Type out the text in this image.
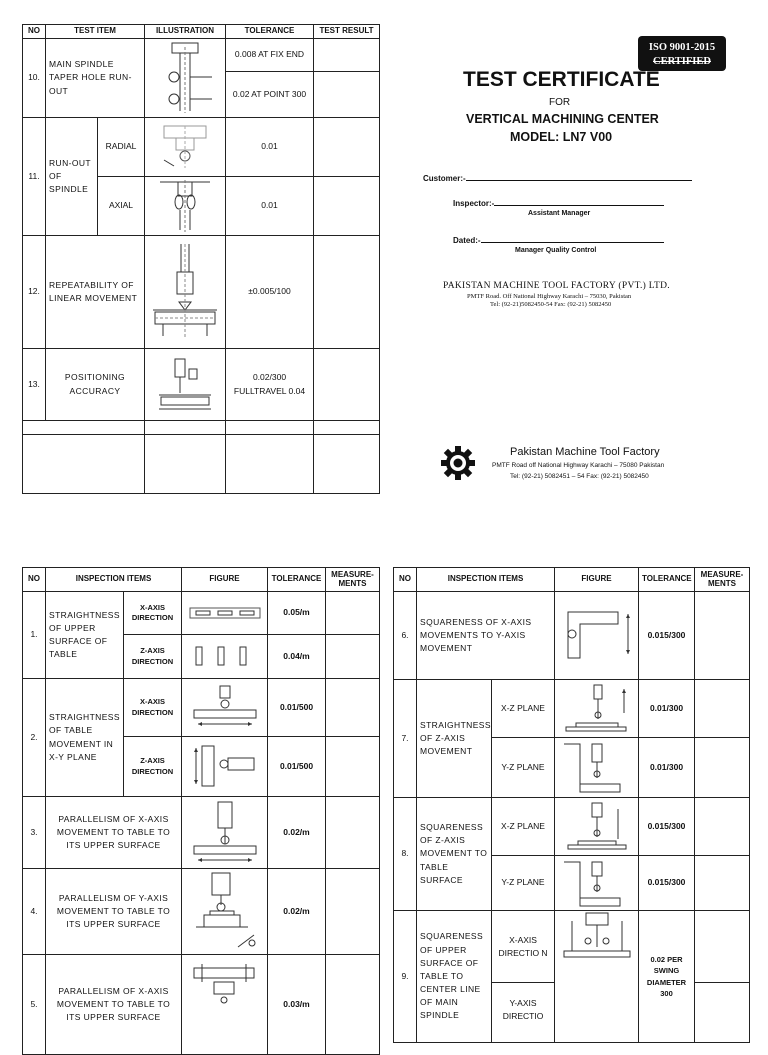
NO	TEST ITEM		ILLUSTRATION	TOLERANCE	TEST RESULT
10.	MAIN SPINDLE TAPER HOLE RUN-OUT			0.008 AT FIX END	
				0.02 AT POINT 300	
11.	RUN-OUT OF SPINDLE	RADIAL		0.01	
		AXIAL		0.01	
12.	REPEATABILITY OF LINEAR MOVEMENT			±0.005/100	
13.	POSITIONING ACCURACY			0.02/300 FULLTRAVEL 0.04	

ISO 9001-2015
CERTIFIED
TEST CERTIFICATE
FOR
VERTICAL MACHINING CENTER
MODEL: LN7 V00
Customer:-
Inspector:-
Assistant Manager
Dated:-
Manager Quality Control
PAKISTAN MACHINE TOOL FACTORY (PVT.) LTD.
PMTF Road. Off National Highway Karachi – 75030, Pakistan
Tel: (92-21)5082450-54 Fax: (92-21) 5082450
Pakistan Machine Tool Factory
PMTF Road off National Highway Karachi – 75080 Pakistan
Tel: (92-21) 5082451 – 54 Fax: (92-21) 5082450
NO	INSPECTION ITEMS		FIGURE	TOLERANCE	MEASURE-MENTS
1.	STRAIGHTNESS OF UPPER SURFACE OF TABLE	X-AXIS DIRECTION		0.05/m	
		Z-AXIS DIRECTION		0.04/m	
2.	STRAIGHTNESS OF TABLE MOVEMENT IN X-Y PLANE	X-AXIS DIRECTION		0.01/500	
		Z-AXIS DIRECTION		0.01/500	
3.	PARALLELISM OF X-AXIS MOVEMENT TO TABLE TO ITS UPPER SURFACE			0.02/m	
4.	PARALLELISM OF Y-AXIS MOVEMENT TO TABLE TO ITS UPPER SURFACE			0.02/m	
5.	PARALLELISM OF X-AXIS MOVEMENT TO TABLE TO ITS UPPER SURFACE			0.03/m	
NO	INSPECTION ITEMS		FIGURE	TOLERANCE	MEASURE-MENTS
6.	SQUARENESS OF X-AXIS MOVEMENTS TO Y-AXIS MOVEMENT			0.015/300	
7.	STRAIGHTNESS OF Z-AXIS MOVEMENT	X-Z PLANE		0.01/300	
		Y-Z PLANE		0.01/300	
8.	SQUARENESS OF Z-AXIS MOVEMENT TO TABLE SURFACE	X-Z PLANE		0.015/300	
		Y-Z PLANE		0.015/300	
9.	SQUARENESS OF UPPER SURFACE OF TABLE TO CENTER LINE OF MAIN SPINDLE	X-AXIS DIRECTIO N		0.02 PER SWING DIAMETER 300	
		Y-AXIS DIRECTIO			
